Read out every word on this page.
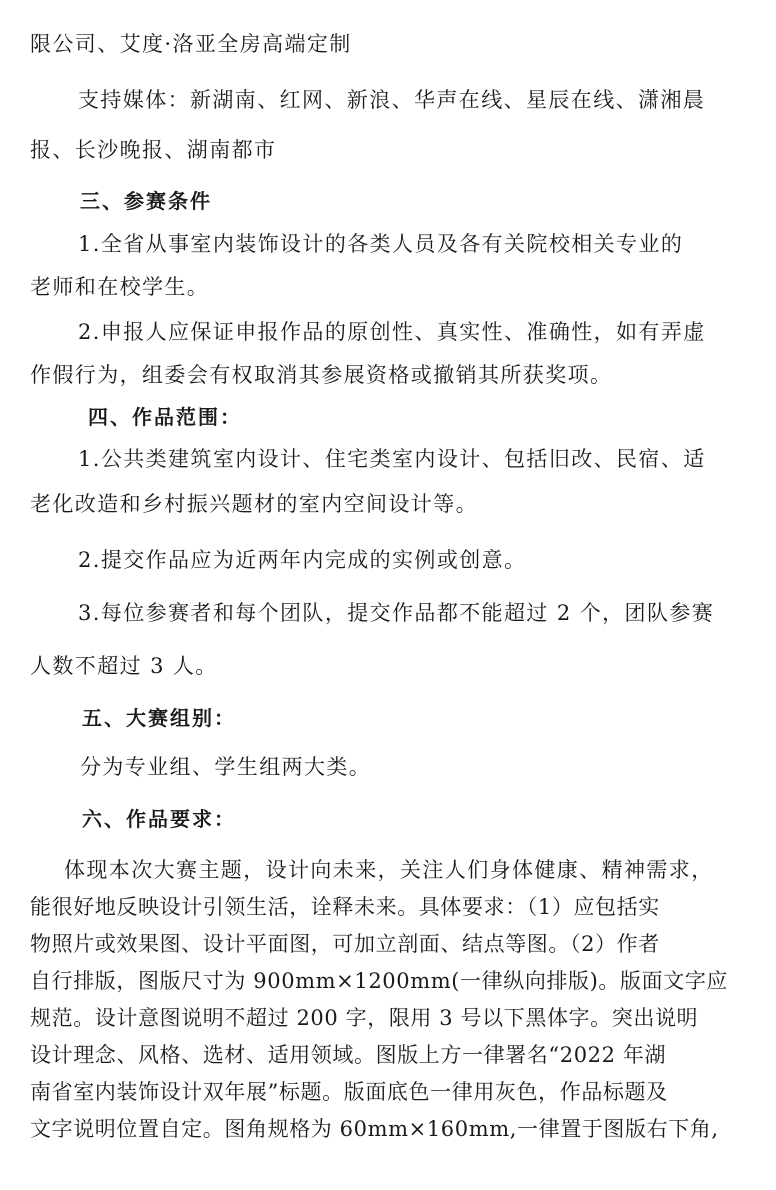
限公司、艾度·洛亚全房高端定制
支持媒体：新湖南、红网、新浪、华声在线、星辰在线、潇湘晨
报、长沙晚报、湖南都市
三、参赛条件
1.全省从事室内装饰设计的各类人员及各有关院校相关专业的
老师和在校学生。
2.申报人应保证申报作品的原创性、真实性、准确性，如有弄虚
作假行为，组委会有权取消其参展资格或撤销其所获奖项。
四、作品范围：
1.公共类建筑室内设计、住宅类室内设计、包括旧改、民宿、适
老化改造和乡村振兴题材的室内空间设计等。
2.提交作品应为近两年内完成的实例或创意。
3.每位参赛者和每个团队，提交作品都不能超过 2 个，团队参赛
人数不超过 3 人。
五、大赛组别：
分为专业组、学生组两大类。
六、作品要求：
体现本次大赛主题，设计向未来，关注人们身体健康、精神需求，
能很好地反映设计引领生活，诠释未来。具体要求：（1）应包括实
物照片或效果图、设计平面图，可加立剖面、结点等图。（2）作者
自行排版，图版尺寸为 900mm×1200mm(一律纵向排版)。版面文字应
规范。设计意图说明不超过 200 字，限用 3 号以下黑体字。突出说明
设计理念、风格、选材、适用领域。图版上方一律署名“2022 年湖
南省室内装饰设计双年展”标题。版面底色一律用灰色，作品标题及
文字说明位置自定。图角规格为 60mm×160mm,一律置于图版右下角,
